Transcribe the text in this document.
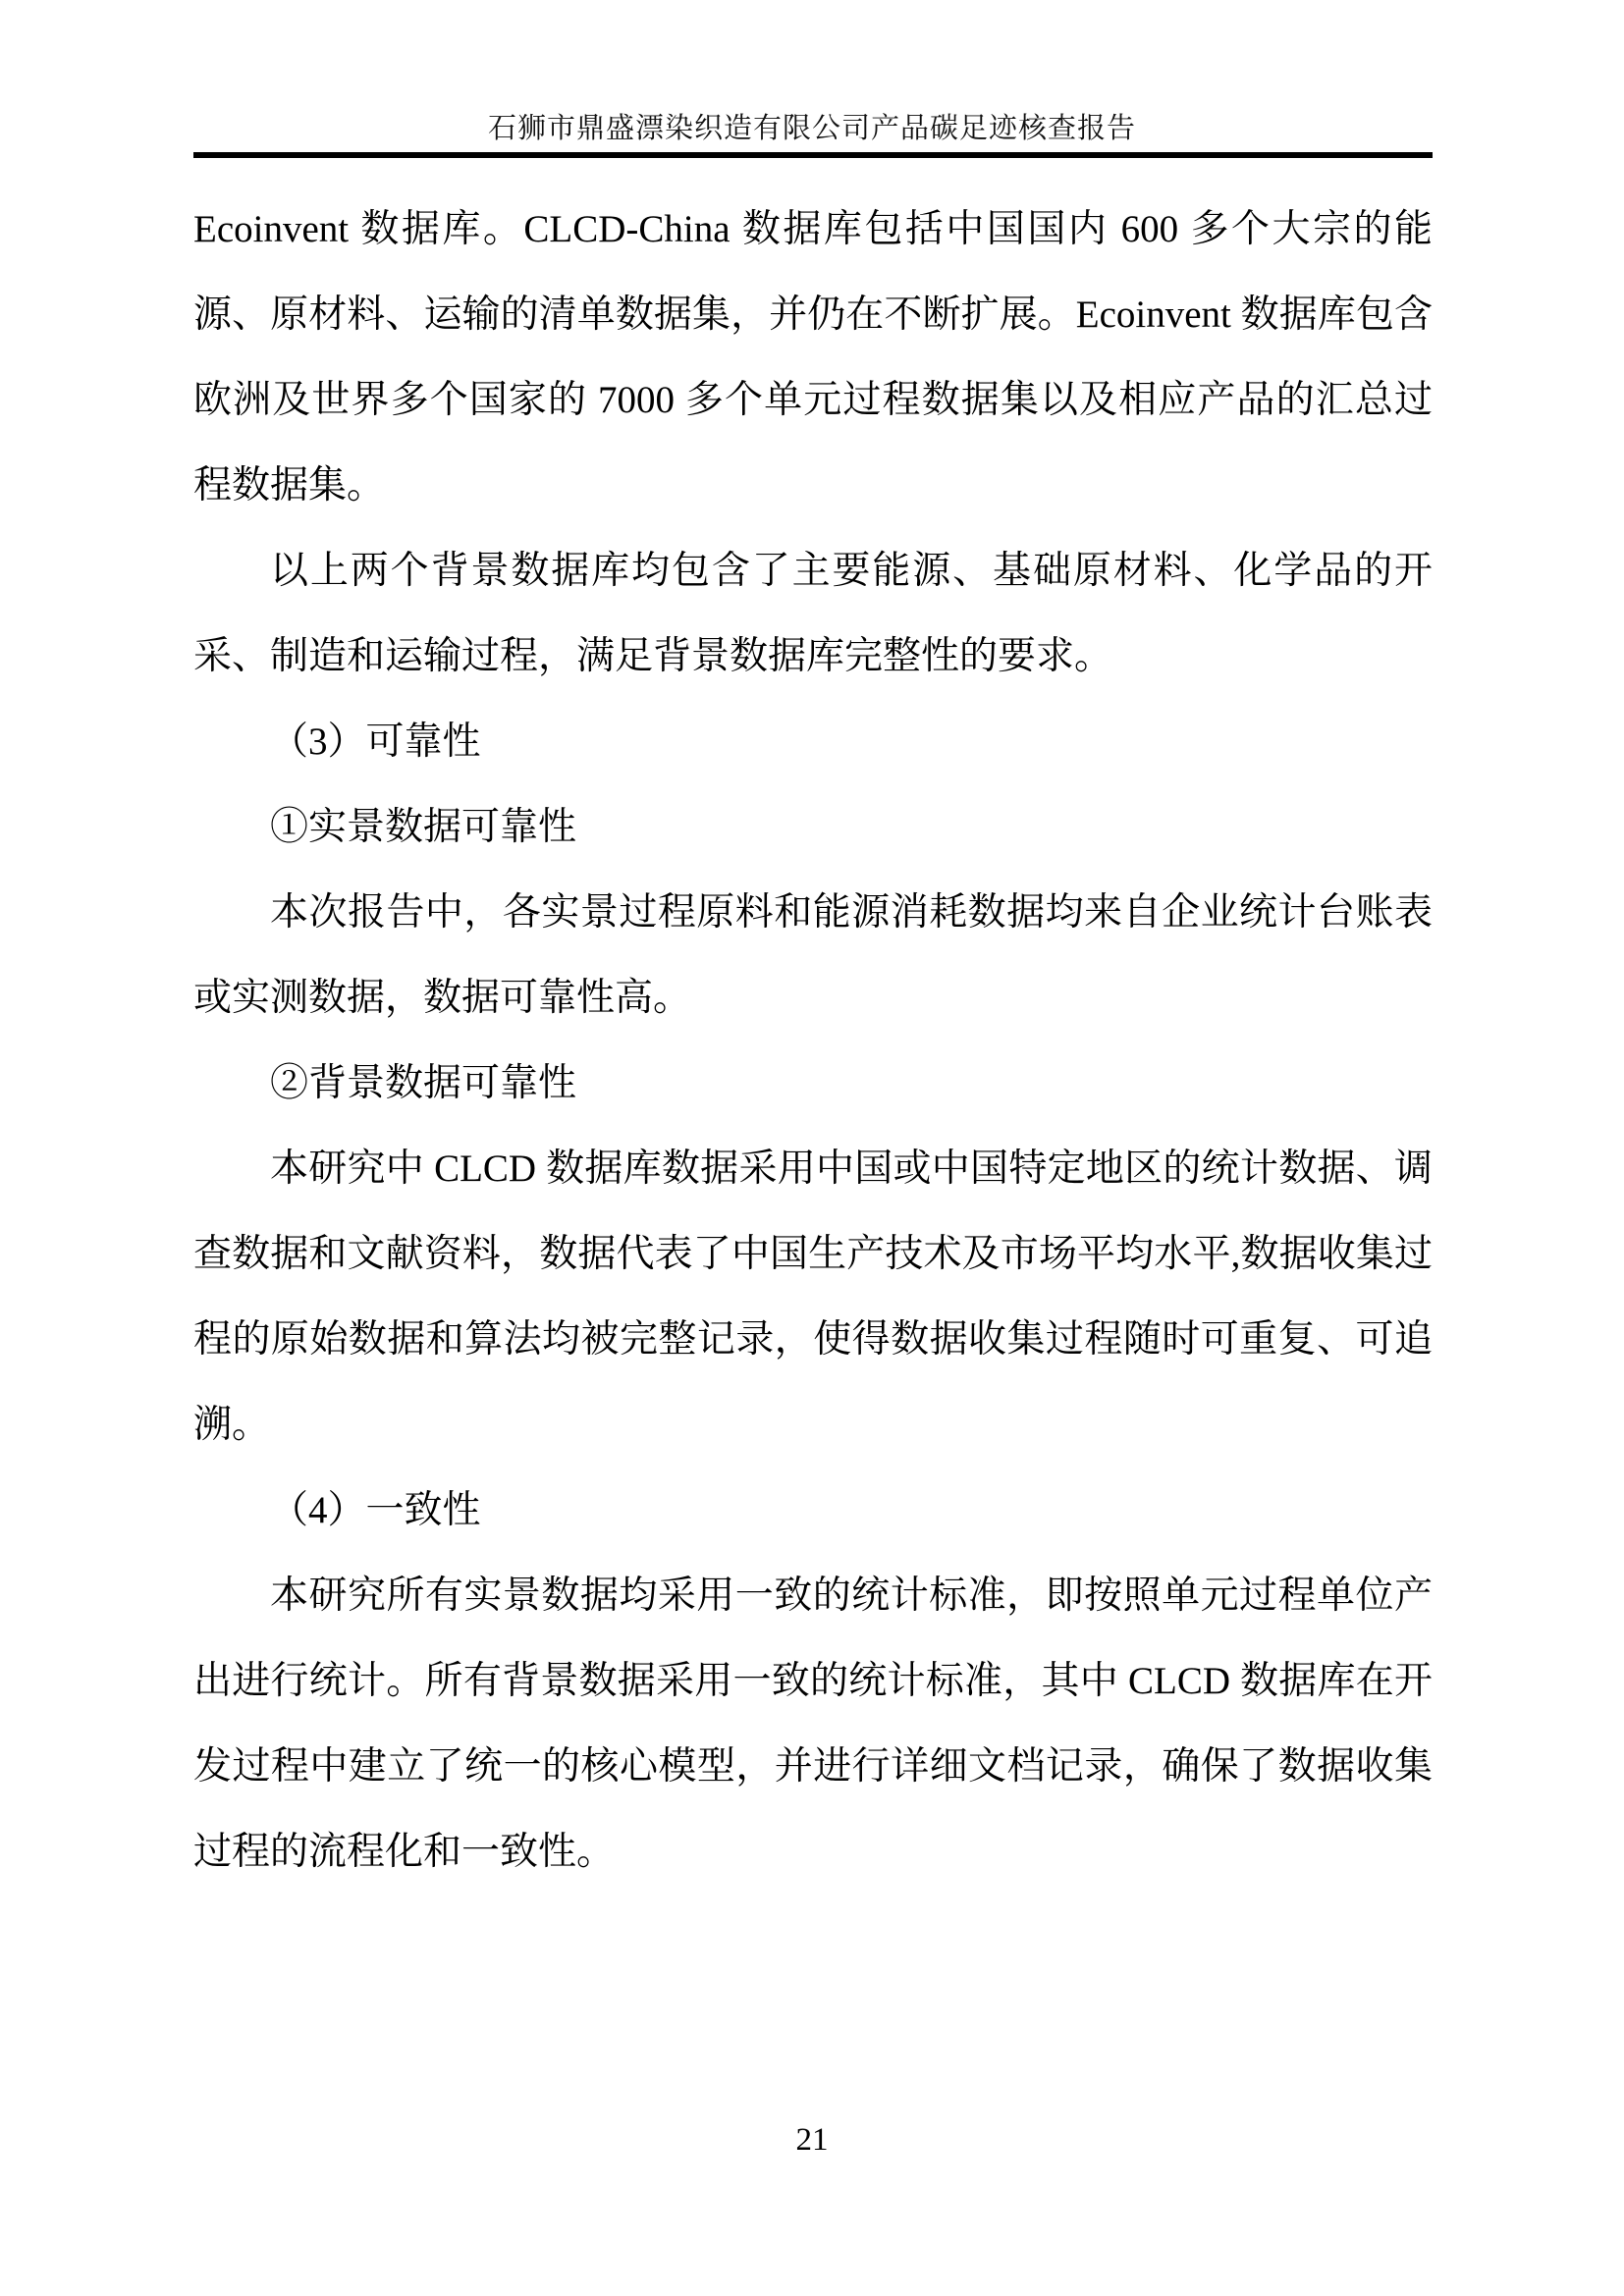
石狮市鼎盛漂染织造有限公司产品碳足迹核查报告

Ecoinvent 数据库。CLCD-China 数据库包括中国国内 600 多个大宗的能源、原材料、运输的清单数据集，并仍在不断扩展。Ecoinvent 数据库包含欧洲及世界多个国家的 7000 多个单元过程数据集以及相应产品的汇总过程数据集。

以上两个背景数据库均包含了主要能源、基础原材料、化学品的开采、制造和运输过程，满足背景数据库完整性的要求。

（3）可靠性

①实景数据可靠性

本次报告中，各实景过程原料和能源消耗数据均来自企业统计台账表或实测数据，数据可靠性高。

②背景数据可靠性

本研究中 CLCD 数据库数据采用中国或中国特定地区的统计数据、调查数据和文献资料，数据代表了中国生产技术及市场平均水平,数据收集过程的原始数据和算法均被完整记录，使得数据收集过程随时可重复、可追溯。

（4）一致性

本研究所有实景数据均采用一致的统计标准，即按照单元过程单位产出进行统计。所有背景数据采用一致的统计标准，其中 CLCD 数据库在开发过程中建立了统一的核心模型，并进行详细文档记录，确保了数据收集过程的流程化和一致性。

21
